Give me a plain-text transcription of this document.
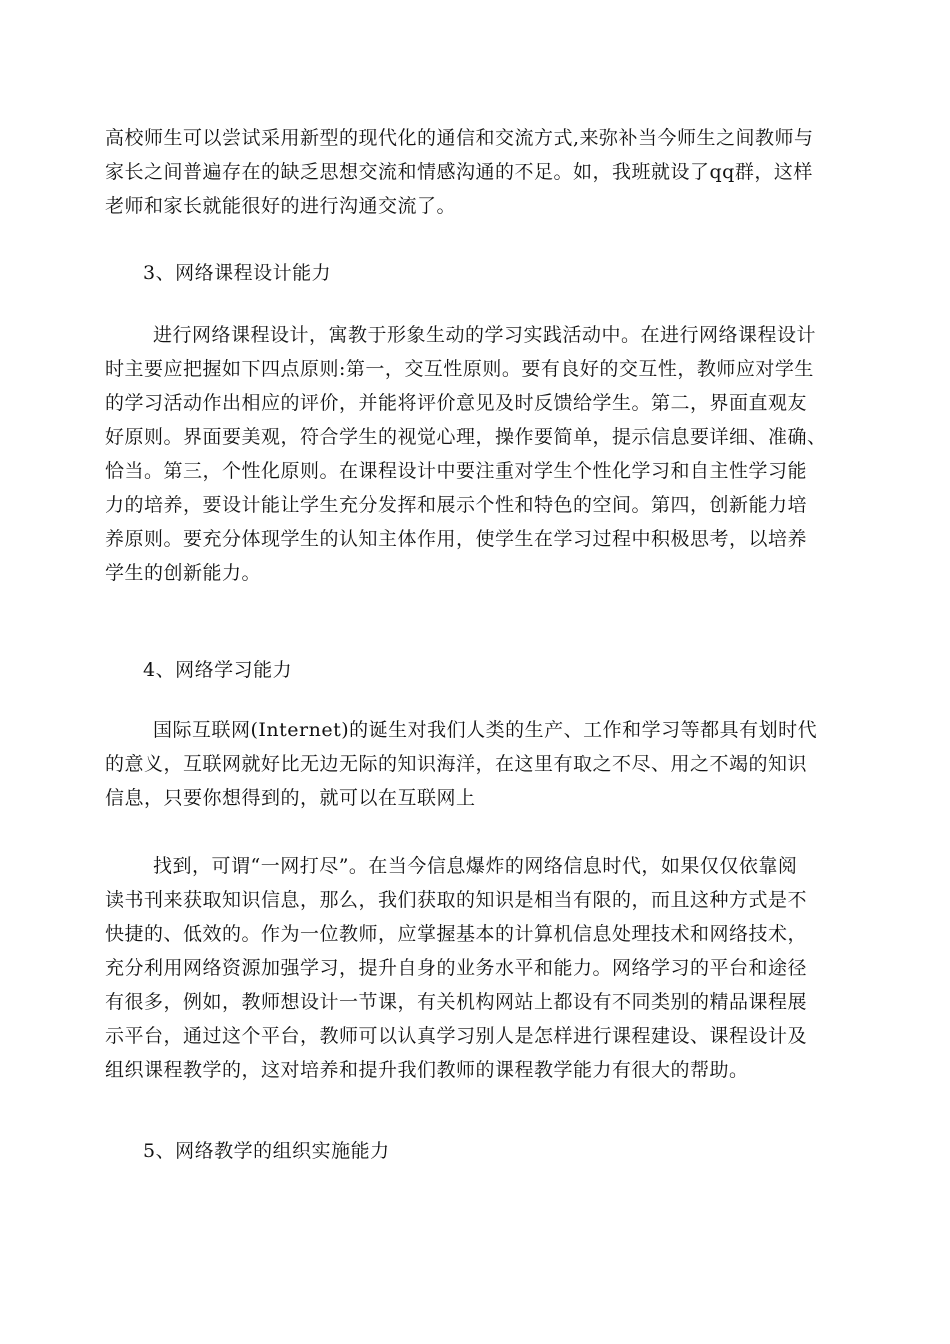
高校师生可以尝试采用新型的现代化的通信和交流方式,来弥补当今师生之间教师与
家长之间普遍存在的缺乏思想交流和情感沟通的不足。如，我班就设了qq群，这样
老师和家长就能很好的进行沟通交流了。
3、网络课程设计能力
进行网络课程设计，寓教于形象生动的学习实践活动中。在进行网络课程设计
时主要应把握如下四点原则:第一，交互性原则。要有良好的交互性，教师应对学生
的学习活动作出相应的评价，并能将评价意见及时反馈给学生。第二，界面直观友
好原则。界面要美观，符合学生的视觉心理，操作要简单，提示信息要详细、准确、
恰当。第三，个性化原则。在课程设计中要注重对学生个性化学习和自主性学习能
力的培养，要设计能让学生充分发挥和展示个性和特色的空间。第四，创新能力培
养原则。要充分体现学生的认知主体作用，使学生在学习过程中积极思考，以培养
学生的创新能力。
4、网络学习能力
国际互联网(Internet)的诞生对我们人类的生产、工作和学习等都具有划时代
的意义，互联网就好比无边无际的知识海洋，在这里有取之不尽、用之不竭的知识
信息，只要你想得到的，就可以在互联网上
找到，可谓“一网打尽”。在当今信息爆炸的网络信息时代，如果仅仅依靠阅
读书刊来获取知识信息，那么，我们获取的知识是相当有限的，而且这种方式是不
快捷的、低效的。作为一位教师，应掌握基本的计算机信息处理技术和网络技术，
充分利用网络资源加强学习，提升自身的业务水平和能力。网络学习的平台和途径
有很多，例如，教师想设计一节课，有关机构网站上都设有不同类别的精品课程展
示平台，通过这个平台，教师可以认真学习别人是怎样进行课程建设、课程设计及
组织课程教学的，这对培养和提升我们教师的课程教学能力有很大的帮助。
5、网络教学的组织实施能力
